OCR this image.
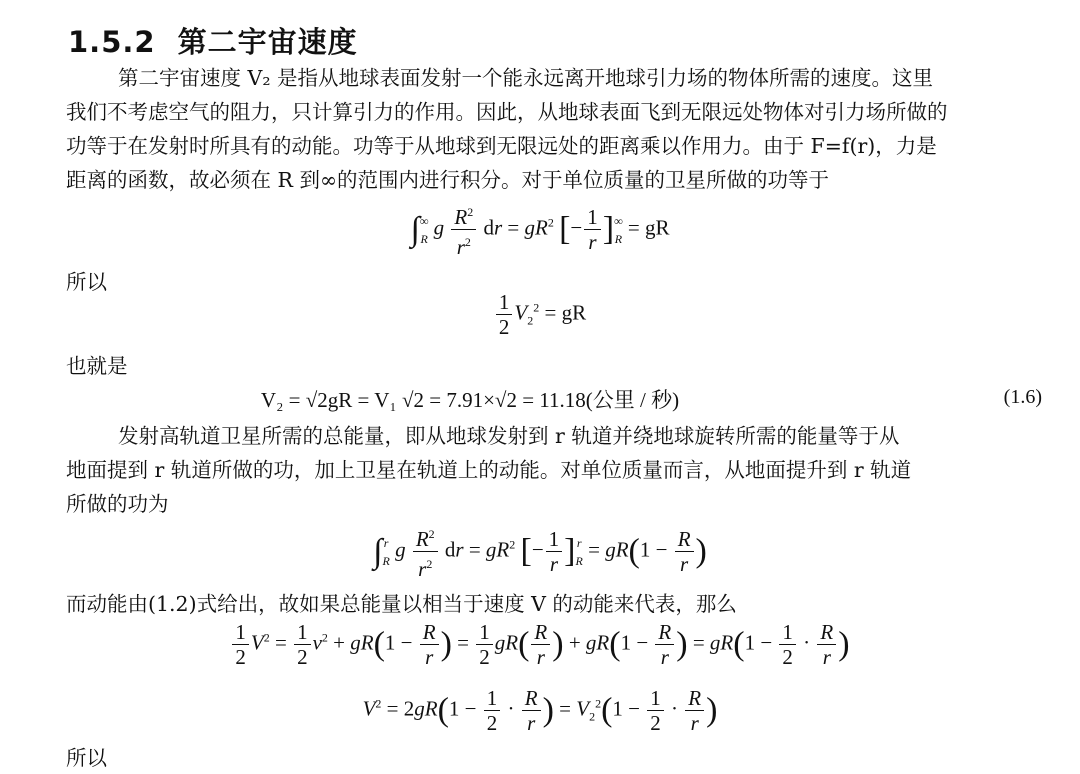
1.5.2 第二宇宙速度
第二宇宙速度 V₂ 是指从地球表面发射一个能永远离开地球引力场的物体所需的速度。这里
我们不考虑空气的阻力，只计算引力的作用。因此，从地球表面飞到无限远处物体对引力场所做的
功等于在发射时所具有的动能。功等于从地球到无限远处的距离乘以作用力。由于 F=f(r)，力是
距离的函数，故必须在 R 到∞的范围内进行积分。对于单位质量的卫星所做的功等于
∫∞
R g $\frac{R^2}{r^2}$ dr = $gR^2$ [− $\frac{1}{r}$ ]∞
R = gR
所以
$\frac{1}{2} V_2^2$ = gR
也就是
V₂ = √2gR = V₁ √2 = 7.91×√2 = 11.18(公里 / 秒)	(1.6)
发射高轨道卫星所需的总能量，即从地球发射到 r 轨道并绕地球旋转所需的能量等于从
地面提到 r 轨道所做的功，加上卫星在轨道上的动能。对单位质量而言，从地面提升到 r 轨道
所做的功为
∫r
R g $\frac{R^2}{r^2}$ dr = $gR^2$ [− $\frac{1}{r} ]r$
$R = gR(1 - \frac{R}{r}$ )
而动能由(1.2)式给出，故如果总能量以相当于速度 V 的动能来代表，那么
$\frac{1}{2} V^2 = \frac{1}{2} v^2 + gR(1 - \frac{R}{r}$ ) = $\frac{1}{2} gR( \frac{R}{r}$ ) + $gR(1 - \frac{R}{r}$ ) = $gR(1 - \frac{1}{2} \cdot \frac{R}{r}$ )
$V^2 = 2gR(1 - \frac{1}{2} \cdot \frac{R}{r}$ ) = $V_2^2(1 - \frac{1}{2} \cdot \frac{R}{r}$ )
所以
